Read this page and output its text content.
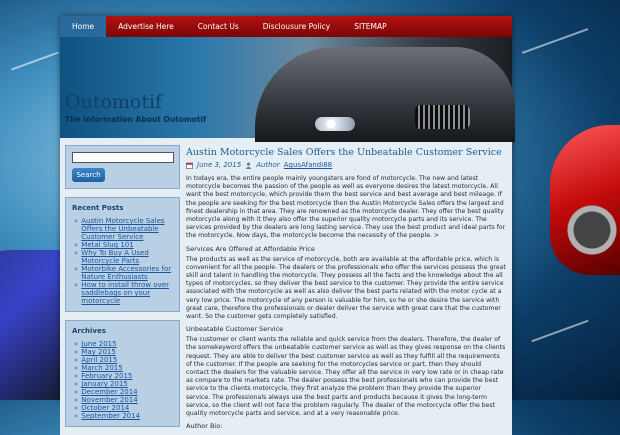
Home	Advertise Here	Contact Us	Disclousure Policy	SITEMAP
Outomotif
The Information About Outomotif
Search
Recent Posts
» Austin Motorcycle Sales Offers the Unbeatable Customer Service
» Metal Slug 101
» Why To Buy A Used Motorcycle Parts
» Motorbike Accessories for Nature Enthusiasts
» How to install throw over saddlebags on your motorcycle
Archives
» June 2015
» May 2015
» April 2015
» March 2015
» February 2015
» January 2015
» December 2014
» November 2014
» October 2014
» September 2014
Austin Motorcycle Sales Offers the Unbeatable Customer Service
June 3, 2015 Author AgusAfandi88

In todays era, the entire people mainly youngsters are fond of motorcycle. The new and latest motorcycle becomes the passion of the people as well as everyone desires the latest motorcycle. All want the best motorcycle, which provide them the best service and best average and best mileage. If the people are seeking for the best motorcycle then the Austin Motorcycle Sales offers the largest and finest dealership in that area. They are renowned as the motorcycle dealer. They offer the best quality motorcycle along with it they also offer the superior quality motorcycle parts and its service. The services provided by the dealers are long lasting service. They use the best product and ideal parts for the motorcycle. Now days, the motorcycle become the necessity of the people. >

Services Are Offered at Affordable Price

The products as well as the service of motorcycle, both are available at the affordable price, which is convenient for all the people. The dealers or the professionals who offer the services possess the great skill and talent in handling the motorcycle. They possess all the facts and the knowledge about the all types of motorcycles, so they deliver the best service to the customer. They provide the entire service associated with the motorcycle as well as also deliver the best parts related with the motor cycle at a very low price. The motorcycle of any person is valuable for him, so he or she desire the service with great care, therefore the professionals or dealer deliver the service with great care that the customer want. So the customer gets completely satisfied.

Unbeatable Customer Service

The customer or client wants the reliable and quick service from the dealers. Therefore, the dealer of the somekeyword offers the unbeatable customer service as well as they gives response on the clients request. They are able to deliver the best customer service as well as they fulfill all the requirements of the customer. If the people are seeking for the motorcycles service or part, then they should contact the dealers for the valuable service. They offer all the service in very low rate or in cheap rate as compare to the markets rate. The dealer possess the best professionals who can provide the best service to the clients motorcycle, they first analyze the problem than they provide the superior service. The professionals always use the best parts and products because it gives the long-term service, so the client will not face the problem regularly. The dealer of the motorcycle offer the best quality motorcycle parts and service, and at a very reasonable price.

Author Bio:
